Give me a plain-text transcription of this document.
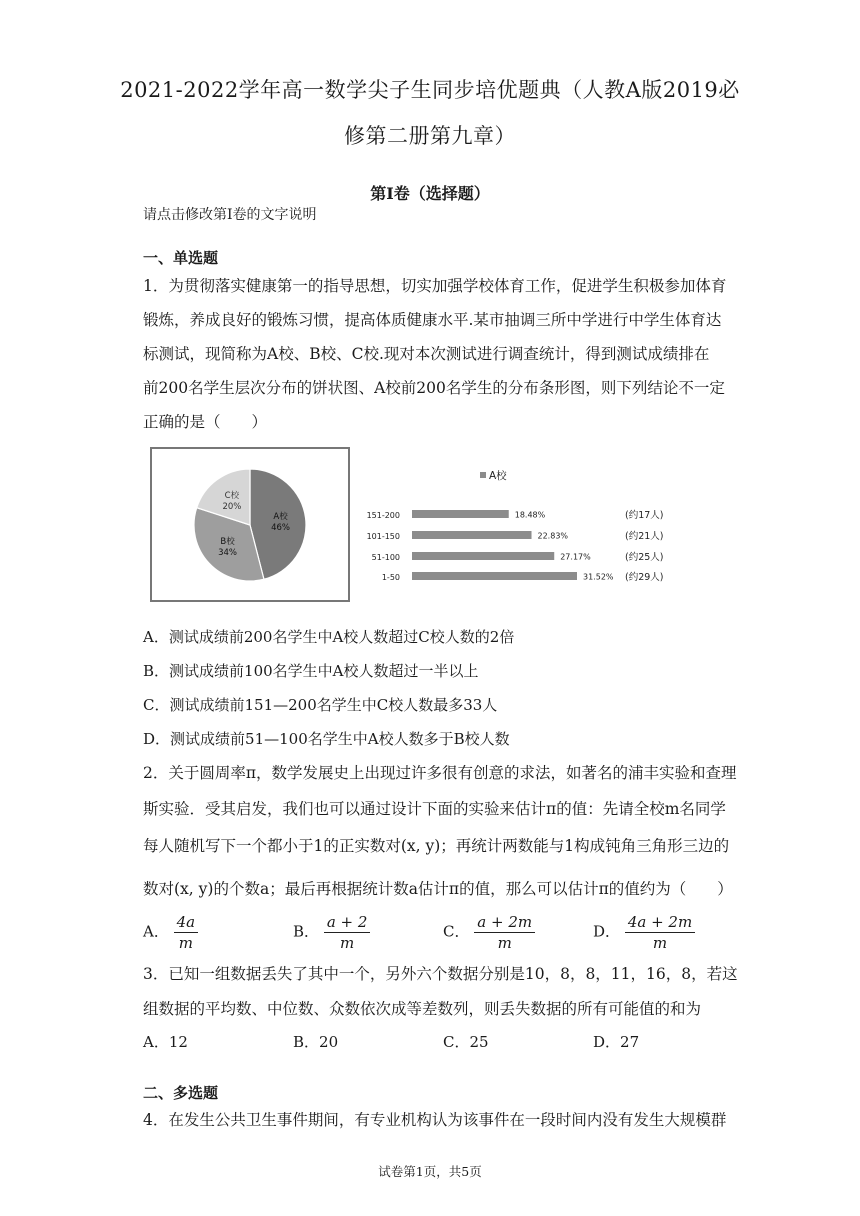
2021-2022学年高一数学尖子生同步培优题典（人教A版2019必
修第二册第九章）
第I卷（选择题）
请点击修改第I卷的文字说明
一、单选题
1．为贯彻落实健康第一的指导思想，切实加强学校体育工作，促进学生积极参加体育
锻炼，养成良好的锻炼习惯，提高体质健康水平.某市抽调三所中学进行中学生体育达
标测试，现简称为A校、B校、C校.现对本次测试进行调查统计，得到测试成绩排在
前200名学生层次分布的饼状图、A校前200名学生的分布条形图，则下列结论不一定
正确的是（　　）
A校
46%
B校
34%
C校
20%
A校
151-200	18.48%	(约17人)
101-150	22.83%	(约21人)
51-100	27.17%	(约25人)
1-50	31.52% (约29人)
A．测试成绩前200名学生中A校人数超过C校人数的2倍
B．测试成绩前100名学生中A校人数超过一半以上
C．测试成绩前151—200名学生中C校人数最多33人
D．测试成绩前51—100名学生中A校人数多于B校人数
2．关于圆周率π，数学发展史上出现过许多很有创意的求法，如著名的浦丰实验和查理
斯实验．受其启发，我们也可以通过设计下面的实验来估计π的值：先请全校m名同学
每人随机写下一个都小于1的正实数对(x, y)；再统计两数能与1构成钝角三角形三边的
数对(x, y)的个数a；最后再根据统计数a估计π的值，那么可以估计π的值约为（　　）
A． $\frac{4a}{m}$	B． $\frac{a + 2}{m}$	C． $\frac{a + 2m}{m}$	D． $\frac{4a + 2m}{m}$
3．已知一组数据丢失了其中一个，另外六个数据分别是10，8，8，11，16，8，若这
组数据的平均数、中位数、众数依次成等差数列，则丢失数据的所有可能值的和为
A．12	B．20	C．25	D．27
二、多选题
4．在发生公共卫生事件期间，有专业机构认为该事件在一段时间内没有发生大规模群
试卷第1页，共5页
